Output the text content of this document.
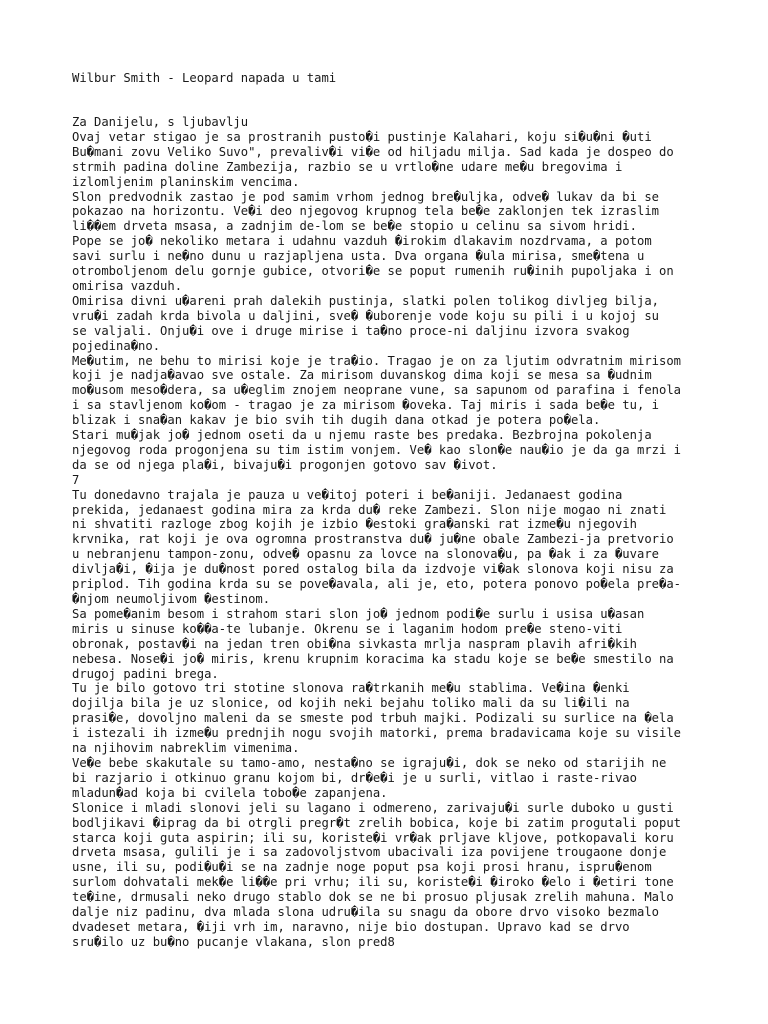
Wilbur Smith - Leopard napada u tami
Za Danijelu, s ljubavlju
Ovaj vetar stigao je sa prostranih pusto�i pustinje Kalahari, koju si�u�ni �uti
Bu�mani zovu Veliko Suvo", prevaliv�i vi�e od hiljadu milja. Sad kada je dospeo do
strmih padina doline Zambezija, razbio se u vrtlo�ne udare me�u bregovima i
izlomljenim planinskim vencima.
Slon predvodnik zastao je pod samim vrhom jednog bre�uljka, odve� lukav da bi se
pokazao na horizontu. Ve�i deo njegovog krupnog tela be�e zaklonjen tek izraslim
li��em drveta msasa, a zadnjim de-lom se be�e stopio u celinu sa sivom hridi.
Pope se jo� nekoliko metara i udahnu vazduh �irokim dlakavim nozdrvama, a potom
savi surlu i ne�no dunu u razjapljena usta. Dva organa �ula mirisa, sme�tena u
otromboljenom delu gornje gubice, otvori�e se poput rumenih ru�inih pupoljaka i on
omirisa vazduh.
Omirisa divni u�areni prah dalekih pustinja, slatki polen tolikog divljeg bilja,
vru�i zadah krda bivola u daljini, sve� �uborenje vode koju su pili i u kojoj su
se valjali. Onju�i ove i druge mirise i ta�no proce-ni daljinu izvora svakog
pojedina�no.
Me�utim, ne behu to mirisi koje je tra�io. Tragao je on za ljutim odvratnim mirisom
koji je nadja�avao sve ostale. Za mirisom duvanskog dima koji se mesa sa �udnim
mo�usom meso�dera, sa u�eglim znojem neoprane vune, sa sapunom od parafina i fenola
i sa stavljenom ko�om - tragao je za mirisom �oveka. Taj miris i sada be�e tu, i
blizak i sna�an kakav je bio svih tih dugih dana otkad je potera po�ela.
Stari mu�jak jo� jednom oseti da u njemu raste bes predaka. Bezbrojna pokolenja
njegovog roda progonjena su tim istim vonjem. Ve� kao slon�e nau�io je da ga mrzi i
da se od njega pla�i, bivaju�i progonjen gotovo sav �ivot.
7
Tu donedavno trajala je pauza u ve�itoj poteri i be�aniji. Jedanaest godina
prekida, jedanaest godina mira za krda du� reke Zambezi. Slon nije mogao ni znati
ni shvatiti razloge zbog kojih je izbio �estoki gra�anski rat izme�u njegovih
krvnika, rat koji je ova ogromna prostranstva du� ju�ne obale Zambezi-ja pretvorio
u nebranjenu tampon-zonu, odve� opasnu za lovce na slonova�u, pa �ak i za �uvare
divlja�i, �ija je du�nost pored ostalog bila da izdvoje vi�ak slonova koji nisu za
priplod. Tih godina krda su se pove�avala, ali je, eto, potera ponovo po�ela pre�a-
�njom neumoljivom �estinom.
Sa pome�anim besom i strahom stari slon jo� jednom podi�e surlu i usisa u�asan
miris u sinuse ko��a-te lubanje. Okrenu se i laganim hodom pre�e steno-viti
obronak, postav�i na jedan tren obi�na sivkasta mrlja naspram plavih afri�kih
nebesa. Nose�i jo� miris, krenu krupnim koracima ka stadu koje se be�e smestilo na
drugoj padini brega.
Tu je bilo gotovo tri stotine slonova ra�trkanih me�u stablima. Ve�ina �enki
dojilja bila je uz slonice, od kojih neki bejahu toliko mali da su li�ili na
prasi�e, dovoljno maleni da se smeste pod trbuh majki. Podizali su surlice na �ela
i istezali ih izme�u prednjih nogu svojih matorki, prema bradavicama koje su visile
na njihovim nabreklim vimenima.
Ve�e bebe skakutale su tamo-amo, nesta�no se igraju�i, dok se neko od starijih ne
bi razjario i otkinuo granu kojom bi, dr�e�i je u surli, vitlao i raste-rivao
mladun�ad koja bi cvilela tobo�e zapanjena.
Slonice i mladi slonovi jeli su lagano i odmereno, zarivaju�i surle duboko u gusti
bodljikavi �iprag da bi otrgli pregr�t zrelih bobica, koje bi zatim progutali poput
starca koji guta aspirin; ili su, koriste�i vr�ak prljave kljove, potkopavali koru
drveta msasa, gulili je i sa zadovoljstvom ubacivali iza povijene trougaone donje
usne, ili su, podi�u�i se na zadnje noge poput psa koji prosi hranu, ispru�enom
surlom dohvatali mek�e li��e pri vrhu; ili su, koriste�i �iroko �elo i �etiri tone
te�ine, drmusali neko drugo stablo dok se ne bi prosuo pljusak zrelih mahuna. Malo
dalje niz padinu, dva mlada slona udru�ila su snagu da obore drvo visoko bezmalo
dvadeset metara, �iji vrh im, naravno, nije bio dostupan. Upravo kad se drvo
sru�ilo uz bu�no pucanje vlakana, slon pred8
